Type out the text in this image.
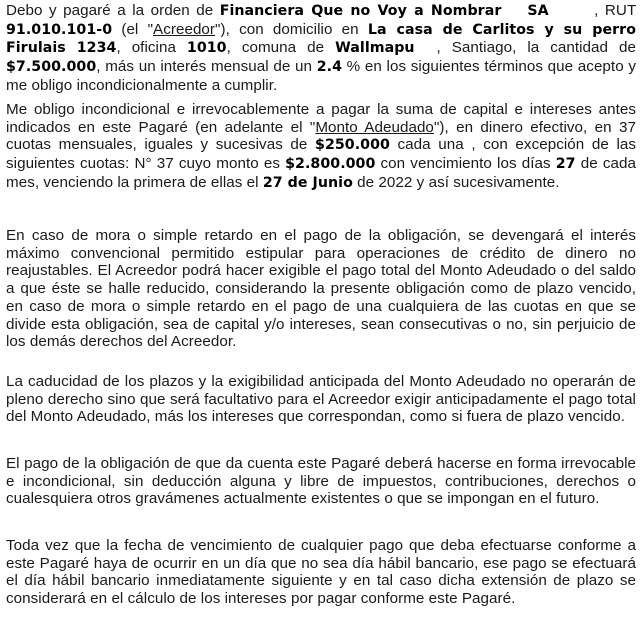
Debo y pagaré a la orden de Financiera Que no Voy a Nombrar SA	, RUT 91.010.101-0 (el "Acreedor"), con domicilio en La casa de Carlitos y su perro Firulais 1234, oficina 1010, comuna de Wallmapu , Santiago, la cantidad de $7.500.000, más un interés mensual de un 2.4 % en los siguientes términos que acepto y me obligo incondicionalmente a cumplir.

Me obligo incondicional e irrevocablemente a pagar la suma de capital e intereses antes indicados en este Pagaré (en adelante el "Monto Adeudado"), en dinero efectivo, en 37 cuotas mensuales, iguales y sucesivas de $250.000 cada una , con excepción de las siguientes cuotas: N° 37 cuyo monto es $2.800.000 con vencimiento los días 27 de cada mes, venciendo la primera de ellas el 27 de Junio de 2022 y así sucesivamente.

En caso de mora o simple retardo en el pago de la obligación, se devengará el interés máximo convencional permitido estipular para operaciones de crédito de dinero no reajustables. El Acreedor podrá hacer exigible el pago total del Monto Adeudado o del saldo a que éste se halle reducido, considerando la presente obligación como de plazo vencido, en caso de mora o simple retardo en el pago de una cualquiera de las cuotas en que se divide esta obligación, sea de capital y/o intereses, sean consecutivas o no, sin perjuicio de los demás derechos del Acreedor.

La caducidad de los plazos y la exigibilidad anticipada del Monto Adeudado no operarán de pleno derecho sino que será facultativo para el Acreedor exigir anticipadamente el pago total del Monto Adeudado, más los intereses que correspondan, como si fuera de plazo vencido.

El pago de la obligación de que da cuenta este Pagaré deberá hacerse en forma irrevocable e incondicional, sin deducción alguna y libre de impuestos, contribuciones, derechos o cualesquiera otros gravámenes actualmente existentes o que se impongan en el futuro.

Toda vez que la fecha de vencimiento de cualquier pago que deba efectuarse conforme a este Pagaré haya de ocurrir en un día que no sea día hábil bancario, ese pago se efectuará el día hábil bancario inmediatamente siguiente y en tal caso dicha extensión de plazo se considerará en el cálculo de los intereses por pagar conforme este Pagaré.
